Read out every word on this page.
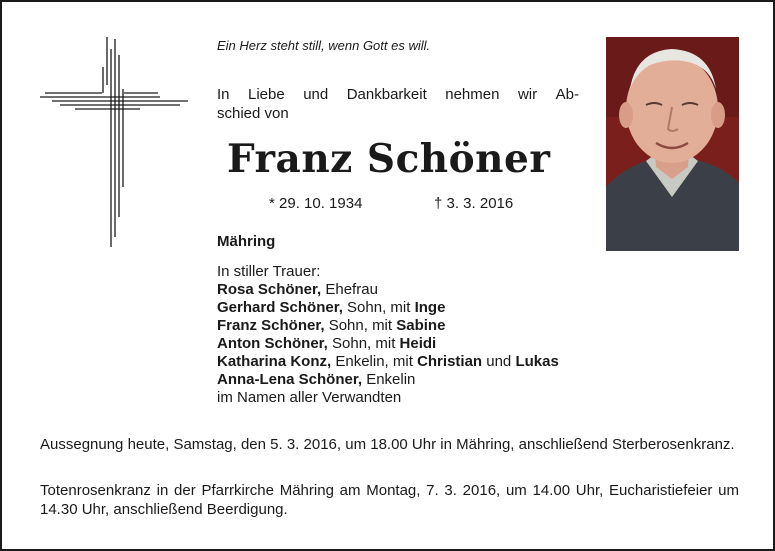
Ein Herz steht still, wenn Gott es will.
In Liebe und Dankbarkeit nehmen wir Ab-
schied von
Franz Schöner
* 29. 10. 1934	† 3. 3. 2016
Mähring
In stiller Trauer:
Rosa Schöner, Ehefrau
Gerhard Schöner, Sohn, mit Inge
Franz Schöner, Sohn, mit Sabine
Anton Schöner, Sohn, mit Heidi
Katharina Konz, Enkelin, mit Christian und Lukas
Anna-Lena Schöner, Enkelin
im Namen aller Verwandten
Aussegnung heute, Samstag, den 5. 3. 2016, um 18.00 Uhr in Mähring, anschließend Sterberosenkranz.
Totenrosenkranz in der Pfarrkirche Mähring am Montag, 7. 3. 2016, um 14.00 Uhr, Eucharistiefeier um 14.30 Uhr, anschließend Beerdigung.
